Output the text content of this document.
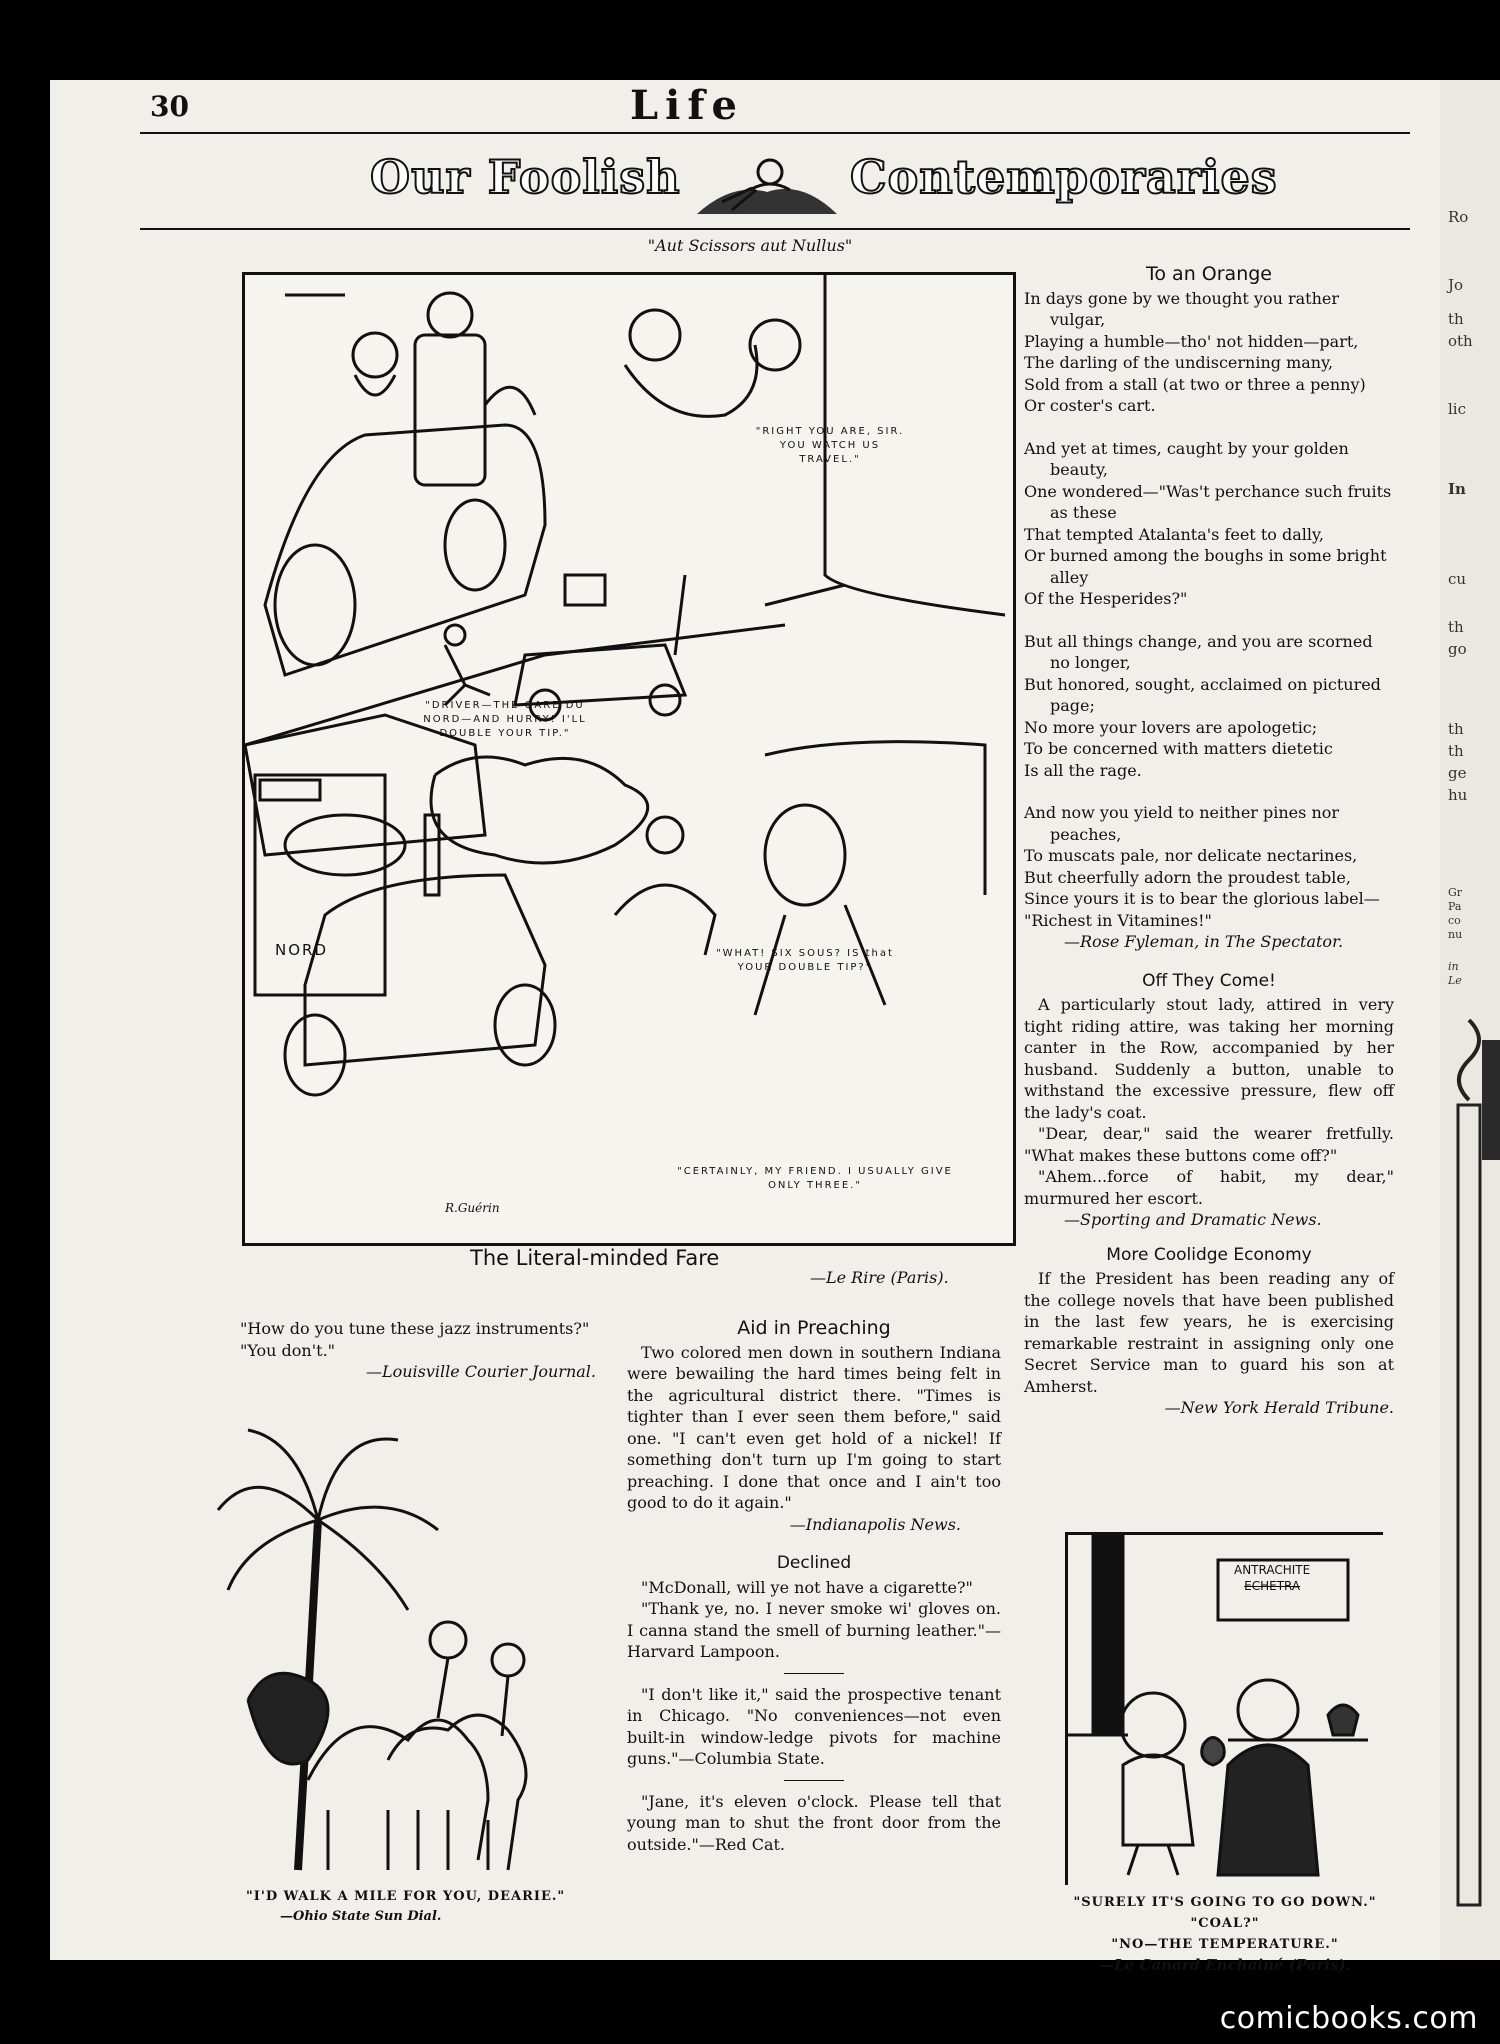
Ro
Jo
th
oth
lic
In
cu
th
go
th
th
ge
hu
Gr
Pa
co
nu
in
Le
30	Life
Our Foolish	Contemporaries
"Aut Scissors aut Nullus"
"DRIVER—THE GARE DU NORD—AND HURRY! I'LL DOUBLE YOUR TIP."
"RIGHT YOU ARE, SIR. YOU WATCH US TRAVEL."
"WHAT! SIX SOUS? IS that YOUR DOUBLE TIP?"
"CERTAINLY, MY FRIEND. I USUALLY GIVE ONLY THREE."
NORD
R.Guérin
The Literal-minded Fare
—Le Rire (Paris).

To an Orange

In days gone by we thought you rather vulgar,

Playing a humble—tho' not hidden—part,

The darling of the undiscerning many,

Sold from a stall (at two or three a penny)

Or coster's cart.

And yet at times, caught by your golden beauty,

One wondered—"Was't perchance such fruits as these

That tempted Atalanta's feet to dally,

Or burned among the boughs in some bright alley

Of the Hesperides?"

But all things change, and you are scorned no longer,

But honored, sought, acclaimed on pictured page;

No more your lovers are apologetic;

To be concerned with matters dietetic

Is all the rage.

And now you yield to neither pines nor peaches,

To muscats pale, nor delicate nectarines,

But cheerfully adorn the proudest table,

Since yours it is to bear the glorious label—

"Richest in Vitamines!"

—Rose Fyleman, in The Spectator.

Off They Come!

A particularly stout lady, attired in very tight riding attire, was taking her morning canter in the Row, accompanied by her husband. Suddenly a button, unable to withstand the excessive pressure, flew off the lady's coat.

"Dear, dear," said the wearer fretfully. "What makes these buttons come off?"

"Ahem...force of habit, my dear," murmured her escort.

—Sporting and Dramatic News.

More Coolidge Economy

If the President has been reading any of the college novels that have been published in the last few years, he is exercising remarkable restraint in assigning only one Secret Service man to guard his son at Amherst.

—New York Herald Tribune.

"How do you tune these jazz instruments?"

"You don't."

—Louisville Courier Journal.

"I'D WALK A MILE FOR YOU, DEARIE."
—Ohio State Sun Dial.

Aid in Preaching

Two colored men down in southern Indiana were bewailing the hard times being felt in the agricultural district there. "Times is tighter than I ever seen them before," said one. "I can't even get hold of a nickel! If something don't turn up I'm going to start preaching. I done that once and I ain't too good to do it again."

—Indianapolis News.

Declined

"McDonall, will ye not have a cigarette?"

"Thank ye, no. I never smoke wi' gloves on. I canna stand the smell of burning leather."—Harvard Lampoon.

"I don't like it," said the prospective tenant in Chicago. "No conveniences—not even built-in window-ledge pivots for machine guns."—Columbia State.

"Jane, it's eleven o'clock. Please tell that young man to shut the front door from the outside."—Red Cat.

ANTRACHITE
ECHETRA
"SURELY IT'S GOING TO GO DOWN."
"COAL?"
"NO—THE TEMPERATURE."
—Le Canard Enchainé (Paris).
comicbooks.com
